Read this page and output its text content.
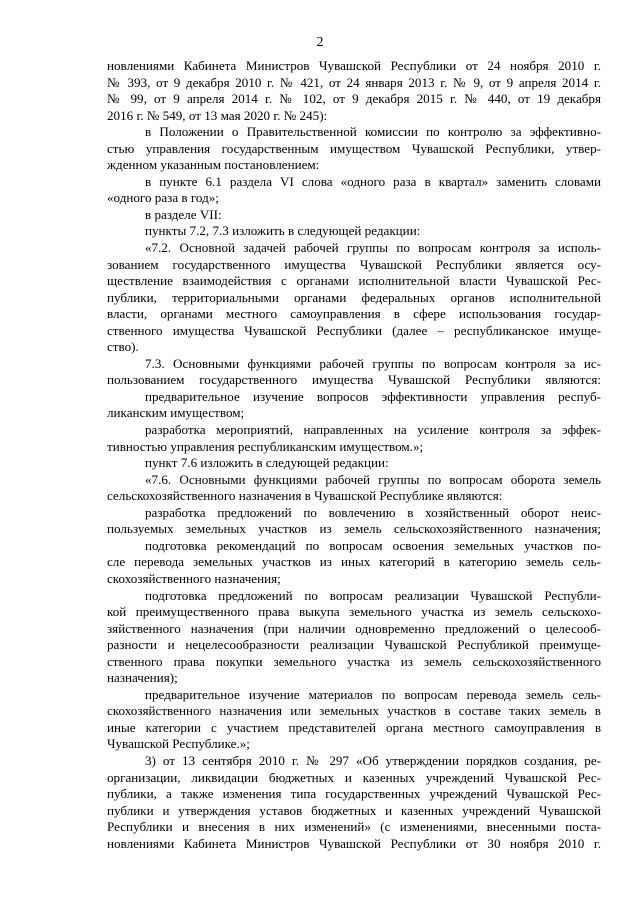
2
новлениями Кабинета Министров Чувашской Республики от 24 ноября 2010 г.
№ 393, от 9 декабря 2010 г. № 421, от 24 января 2013 г. № 9, от 9 апреля 2014 г.
№ 99, от 9 апреля 2014 г. № 102, от 9 декабря 2015 г. № 440, от 19 декабря
2016 г. № 549, от 13 мая 2020 г. № 245):
в Положении о Правительственной комиссии по контролю за эффективно-
стью управления государственным имуществом Чувашской Республики, утвер-
жденном указанным постановлением:
в пункте 6.1 раздела VI слова «одного раза в квартал» заменить словами
«одного раза в год»;
в разделе VII:
пункты 7.2, 7.3 изложить в следующей редакции:
«7.2. Основной задачей рабочей группы по вопросам контроля за исполь-
зованием государственного имущества Чувашской Республики является осу-
ществление взаимодействия с органами исполнительной власти Чувашской Рес-
публики, территориальными органами федеральных органов исполнительной
власти, органами местного самоуправления в сфере использования государ-
ственного имущества Чувашской Республики (далее – республиканское имуще-
ство).
7.3. Основными функциями рабочей группы по вопросам контроля за ис-
пользованием государственного имущества Чувашской Республики являются:
предварительное изучение вопросов эффективности управления респуб-
ликанским имуществом;
разработка мероприятий, направленных на усиление контроля за эффек-
тивностью управления республиканским имуществом.»;
пункт 7.6 изложить в следующей редакции:
«7.6. Основными функциями рабочей группы по вопросам оборота земель
сельскохозяйственного назначения в Чувашской Республике являются:
разработка предложений по вовлечению в хозяйственный оборот неис-
пользуемых земельных участков из земель сельскохозяйственного назначения;
подготовка рекомендаций по вопросам освоения земельных участков по-
сле перевода земельных участков из иных категорий в категорию земель сель-
скохозяйственного назначения;
подготовка предложений по вопросам реализации Чувашской Республи-
кой преимущественного права выкупа земельного участка из земель сельскохо-
зяйственного назначения (при наличии одновременно предложений о целесооб-
разности и нецелесообразности реализации Чувашской Республикой преимуще-
ственного права покупки земельного участка из земель сельскохозяйственного
назначения);
предварительное изучение материалов по вопросам перевода земель сель-
скохозяйственного назначения или земельных участков в составе таких земель в
иные категории с участием представителей органа местного самоуправления в
Чувашской Республике.»;
3) от 13 сентября 2010 г. № 297 «Об утверждении порядков создания, ре-
организации, ликвидации бюджетных и казенных учреждений Чувашской Рес-
публики, а также изменения типа государственных учреждений Чувашской Рес-
публики и утверждения уставов бюджетных и казенных учреждений Чувашской
Республики и внесения в них изменений» (с изменениями, внесенными поста-
новлениями Кабинета Министров Чувашской Республики от 30 ноября 2010 г.
